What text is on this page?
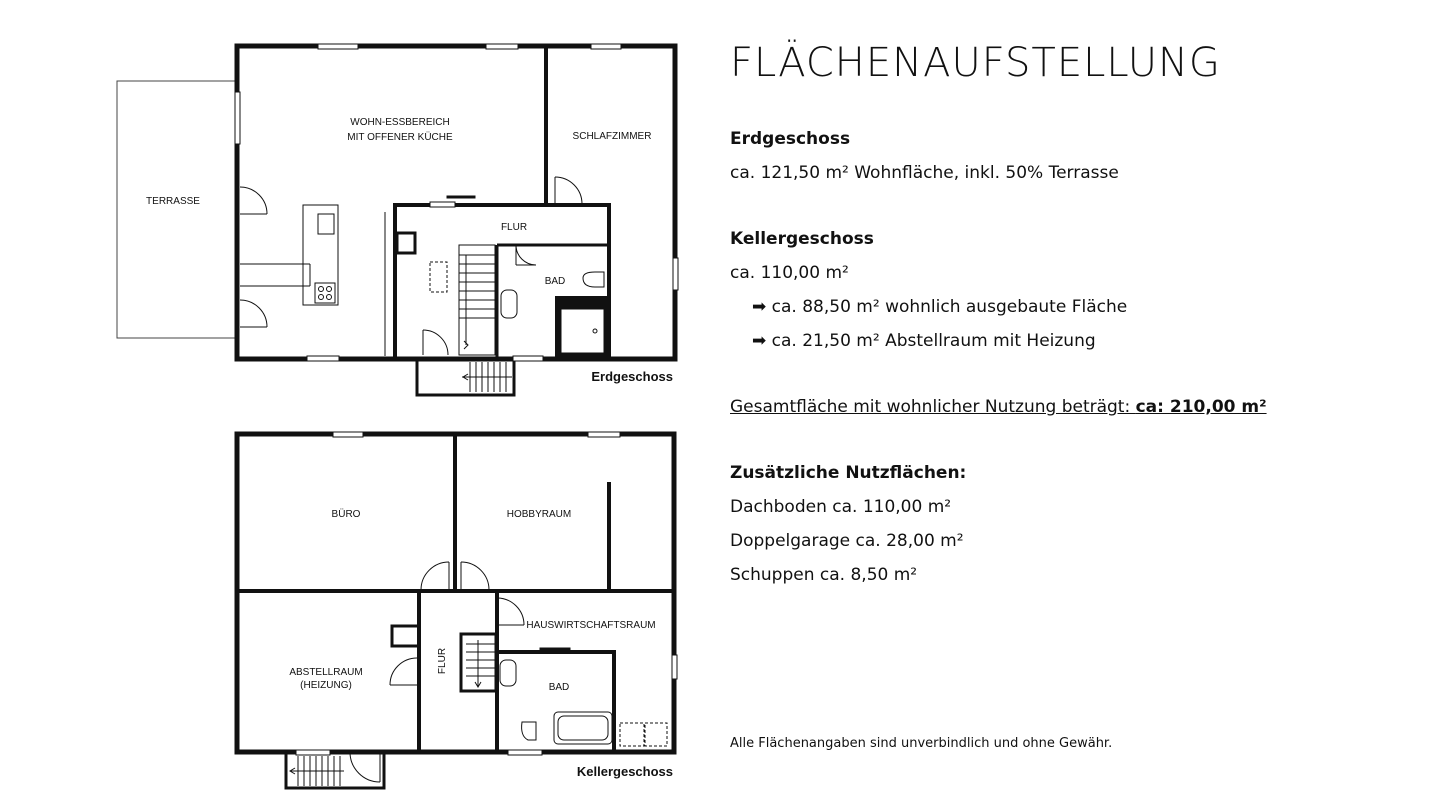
TERRASSE
WOHN-ESSBEREICH
MIT OFFENER KÜCHE	SCHLAFZIMMER
FLUR
BAD
Erdgeschoss
BÜRO	HOBBYRAUM
HAUSWIRTSCHAFTSRAUM
ABSTELLRAUM
(HEIZUNG)
FLUR
BAD
Kellergeschoss
FLÄCHENAUFSTELLUNG

Erdgeschoss

ca. 121,50 m² Wohnfläche, inkl. 50% Terrasse

Kellergeschoss

ca. 110,00 m²

➡ ca. 88,50 m² wohnlich ausgebaute Fläche

➡ ca. 21,50 m² Abstellraum mit Heizung

Gesamtfläche mit wohnlicher Nutzung beträgt: ca: 210,00 m²

Zusätzliche Nutzflächen:

Dachboden ca. 110,00 m²

Doppelgarage ca. 28,00 m²

Schuppen ca. 8,50 m²

Alle Flächenangaben sind unverbindlich und ohne Gewähr.
